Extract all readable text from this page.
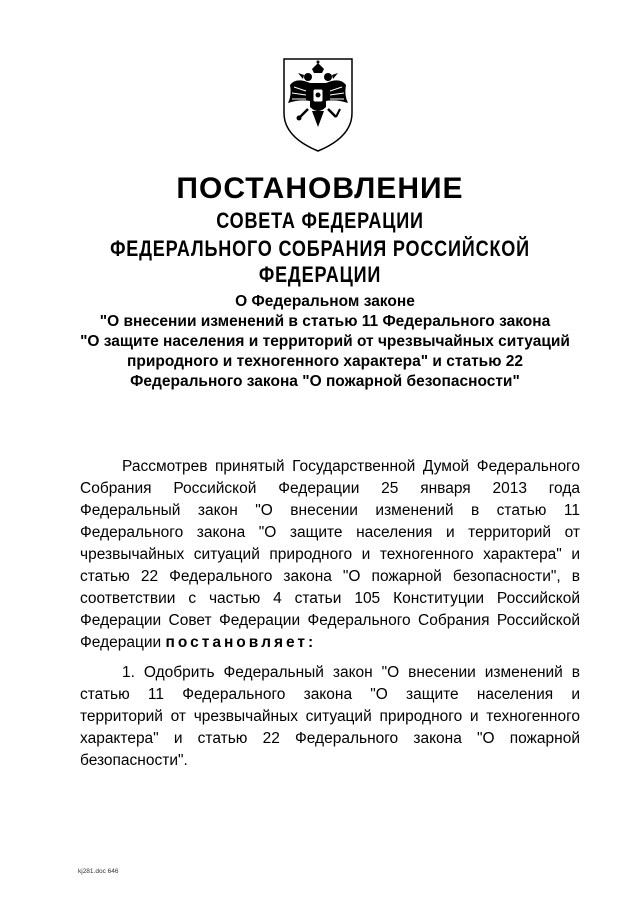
ПОСТАНОВЛЕНИЕ
СОВЕТА ФЕДЕРАЦИИ
ФЕДЕРАЛЬНОГО СОБРАНИЯ РОССИЙСКОЙ ФЕДЕРАЦИИ
О Федеральном законе
"О внесении изменений в статью 11 Федерального закона
"О защите населения и территорий от чрезвычайных ситуаций
природного и техногенного характера" и статью 22
Федерального закона "О пожарной безопасности"
Рассмотрев принятый Государственной Думой Федерального
Собрания Российской Федерации 25 января 2013 года
Федеральный закон "О внесении изменений в статью 11
Федерального закона "О защите населения и территорий от
чрезвычайных ситуаций природного и техногенного характера" и
статью 22 Федерального закона "О пожарной безопасности", в
соответствии с частью 4 статьи 105 Конституции Российской
Федерации Совет Федерации Федерального Собрания Российской
Федерации постановляет:
1. Одобрить Федеральный закон "О внесении изменений в
статью 11 Федерального закона "О защите населения и
территорий от чрезвычайных ситуаций природного и техногенного
характера" и статью 22 Федерального закона "О пожарной
безопасности".
kj281.doc 646
